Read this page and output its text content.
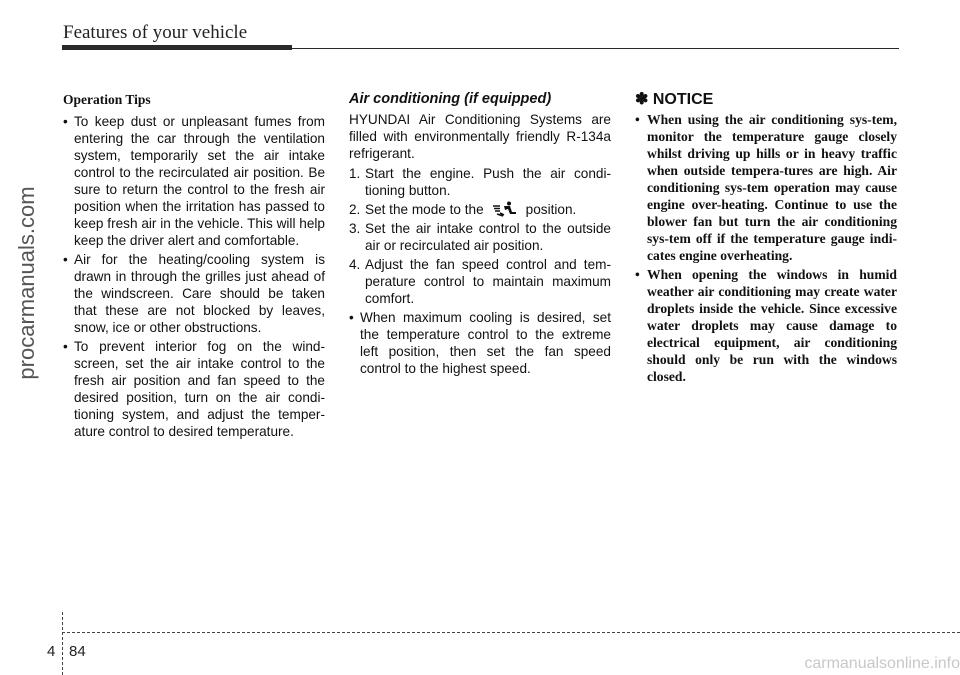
Features of your vehicle
procarmanuals.com
Operation Tips
• To keep dust or unpleasant fumes from entering the car through the ventilation system, temporarily set the air intake control to the recirculated air position. Be sure to return the control to the fresh air position when the irritation has passed to keep fresh air in the vehicle. This will help keep the driver alert and comfortable.
• Air for the heating/cooling system is drawn in through the grilles just ahead of the windscreen. Care should be taken that these are not blocked by leaves, snow, ice or other obstructions.
• To prevent interior fog on the wind-screen, set the air intake control to the fresh air position and fan speed to the desired position, turn on the air condi-tioning system, and adjust the temper-ature control to desired temperature.
Air conditioning (if equipped)
HYUNDAI Air Conditioning Systems are filled with environmentally friendly R-134a refrigerant.
1. Start the engine. Push the air condi-tioning button.
2. Set the mode to the	position.
3. Set the air intake control to the outside air or recirculated air position.
4. Adjust the fan speed control and tem-perature control to maintain maximum comfort.
• When maximum cooling is desired, set the temperature control to the extreme left position, then set the fan speed control to the highest speed.
✽ NOTICE
• When using the air conditioning sys-tem, monitor the temperature gauge closely whilst driving up hills or in heavy traffic when outside tempera-tures are high. Air conditioning sys-tem operation may cause engine over-heating. Continue to use the blower fan but turn the air conditioning sys-tem off if the temperature gauge indi-cates engine overheating.
• When opening the windows in humid weather air conditioning may create water droplets inside the vehicle. Since excessive water droplets may cause damage to electrical equipment, air conditioning should only be run with the windows closed.
4 84
carmanualsonline.info
